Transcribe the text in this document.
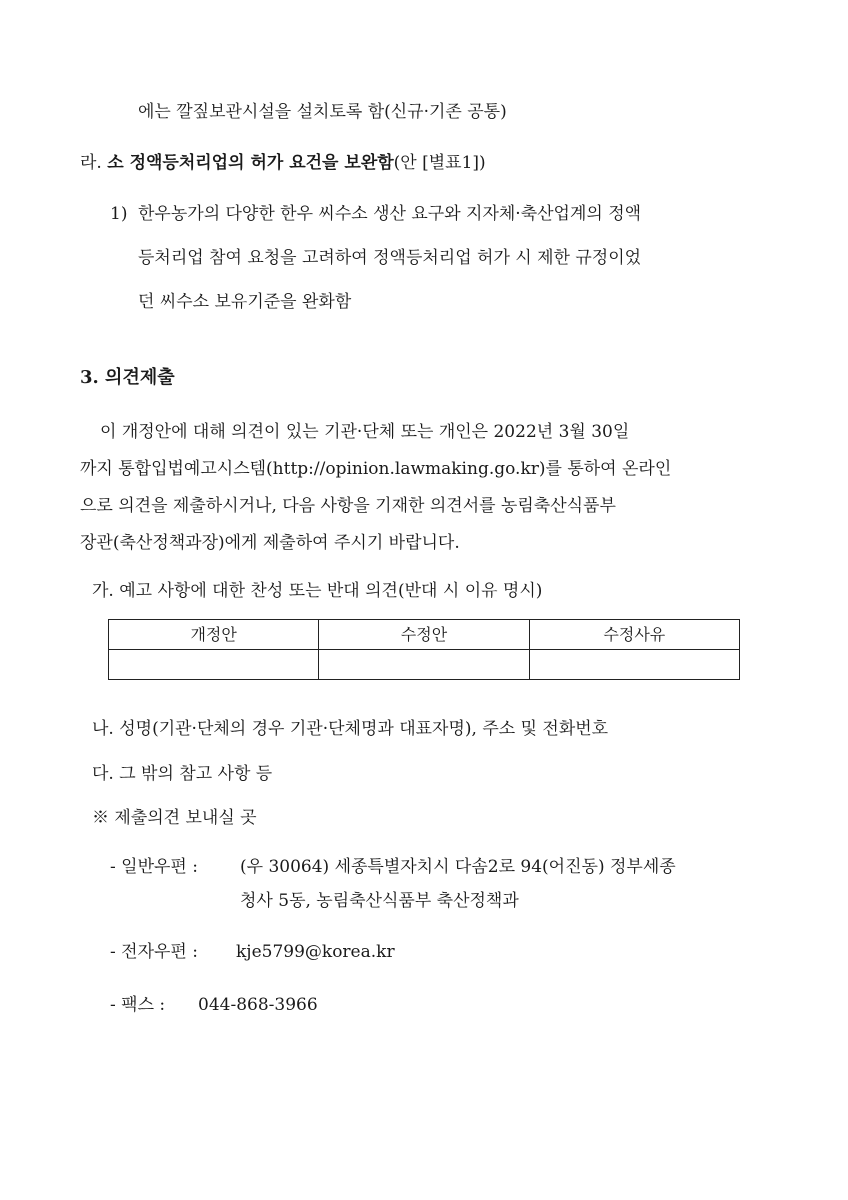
에는 깔짚보관시설을 설치토록 함(신규·기존 공통)
라. 소 정액등처리업의 허가 요건을 보완함(안 [별표1])
1) 한우농가의 다양한 한우 씨수소 생산 요구와 지자체·축산업계의 정액
등처리업 참여 요청을 고려하여 정액등처리업 허가 시 제한 규정이었
던 씨수소 보유기준을 완화함
3. 의견제출
이 개정안에 대해 의견이 있는 기관·단체 또는 개인은 2022년 3월 30일
까지 통합입법예고시스템(http://opinion.lawmaking.go.kr)를 통하여 온라인
으로 의견을 제출하시거나, 다음 사항을 기재한 의견서를 농림축산식품부
장관(축산정책과장)에게 제출하여 주시기 바랍니다.
가. 예고 사항에 대한 찬성 또는 반대 의견(반대 시 이유 명시)
개정안	수정안	수정사유

나. 성명(기관·단체의 경우 기관·단체명과 대표자명), 주소 및 전화번호
다. 그 밖의 참고 사항 등
※ 제출의견 보내실 곳
- 일반우편 : (우 30064) 세종특별자치시 다솜2로 94(어진동) 정부세종
청사 5동, 농림축산식품부 축산정책과
- 전자우편 : kje5799@korea.kr
- 팩스 : 044-868-3966
